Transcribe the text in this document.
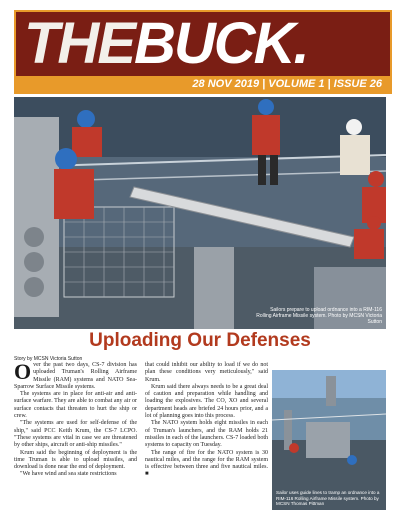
THEBUCK.
28 NOV 2019 | VOLUME 1 | ISSUE 26
Sailors prepare to upload ordnance into a RIM-116 Rolling Airframe Missile system. Photo by MCSN Victoria Sutton
Uploading Our Defenses
Story by MCSN Victoria Sutton

Over the past two days, CS-7 division has uploaded Truman's Rolling Airframe Missile (RAM) systems and NATO Sea-Sparrow Surface Missile systems.

The systems are in place for anti-air and anti-surface warfare. They are able to combat any air or surface contacts that threaten to hurt the ship or crew.

"The systems are used for self-defense of the ship," said PCC Keith Krum, the CS-7 LCPO. "These systems are vital in case we are threatened by other ships, aircraft or anti-ship missiles."

Krum said the beginning of deployment is the time Truman is able to upload missiles, and download is done near the end of deployment.

"We have wind and sea state restrictions

that could inhibit our ability to load if we do not plan these conditions very meticulously," said Krum.

Krum said there always needs to be a great deal of caution and preparation while handling and loading the explosives. The CO, XO and several department heads are briefed 24 hours prior, and a lot of planning goes into this process.

The NATO system holds eight missiles in each of Truman's launchers, and the RAM holds 21 missiles in each of the launchers. CS-7 loaded both systems to capacity on Tuesday.

The range of fire for the NATO system is 30 nautical miles, and the range for the RAM system is effective between three and five nautical miles. ■

Sailor uses guide lines to tramp an ordnance into a RIM-116 Rolling Airframe Missile system. Photo by MCSN Thomas Pittman
